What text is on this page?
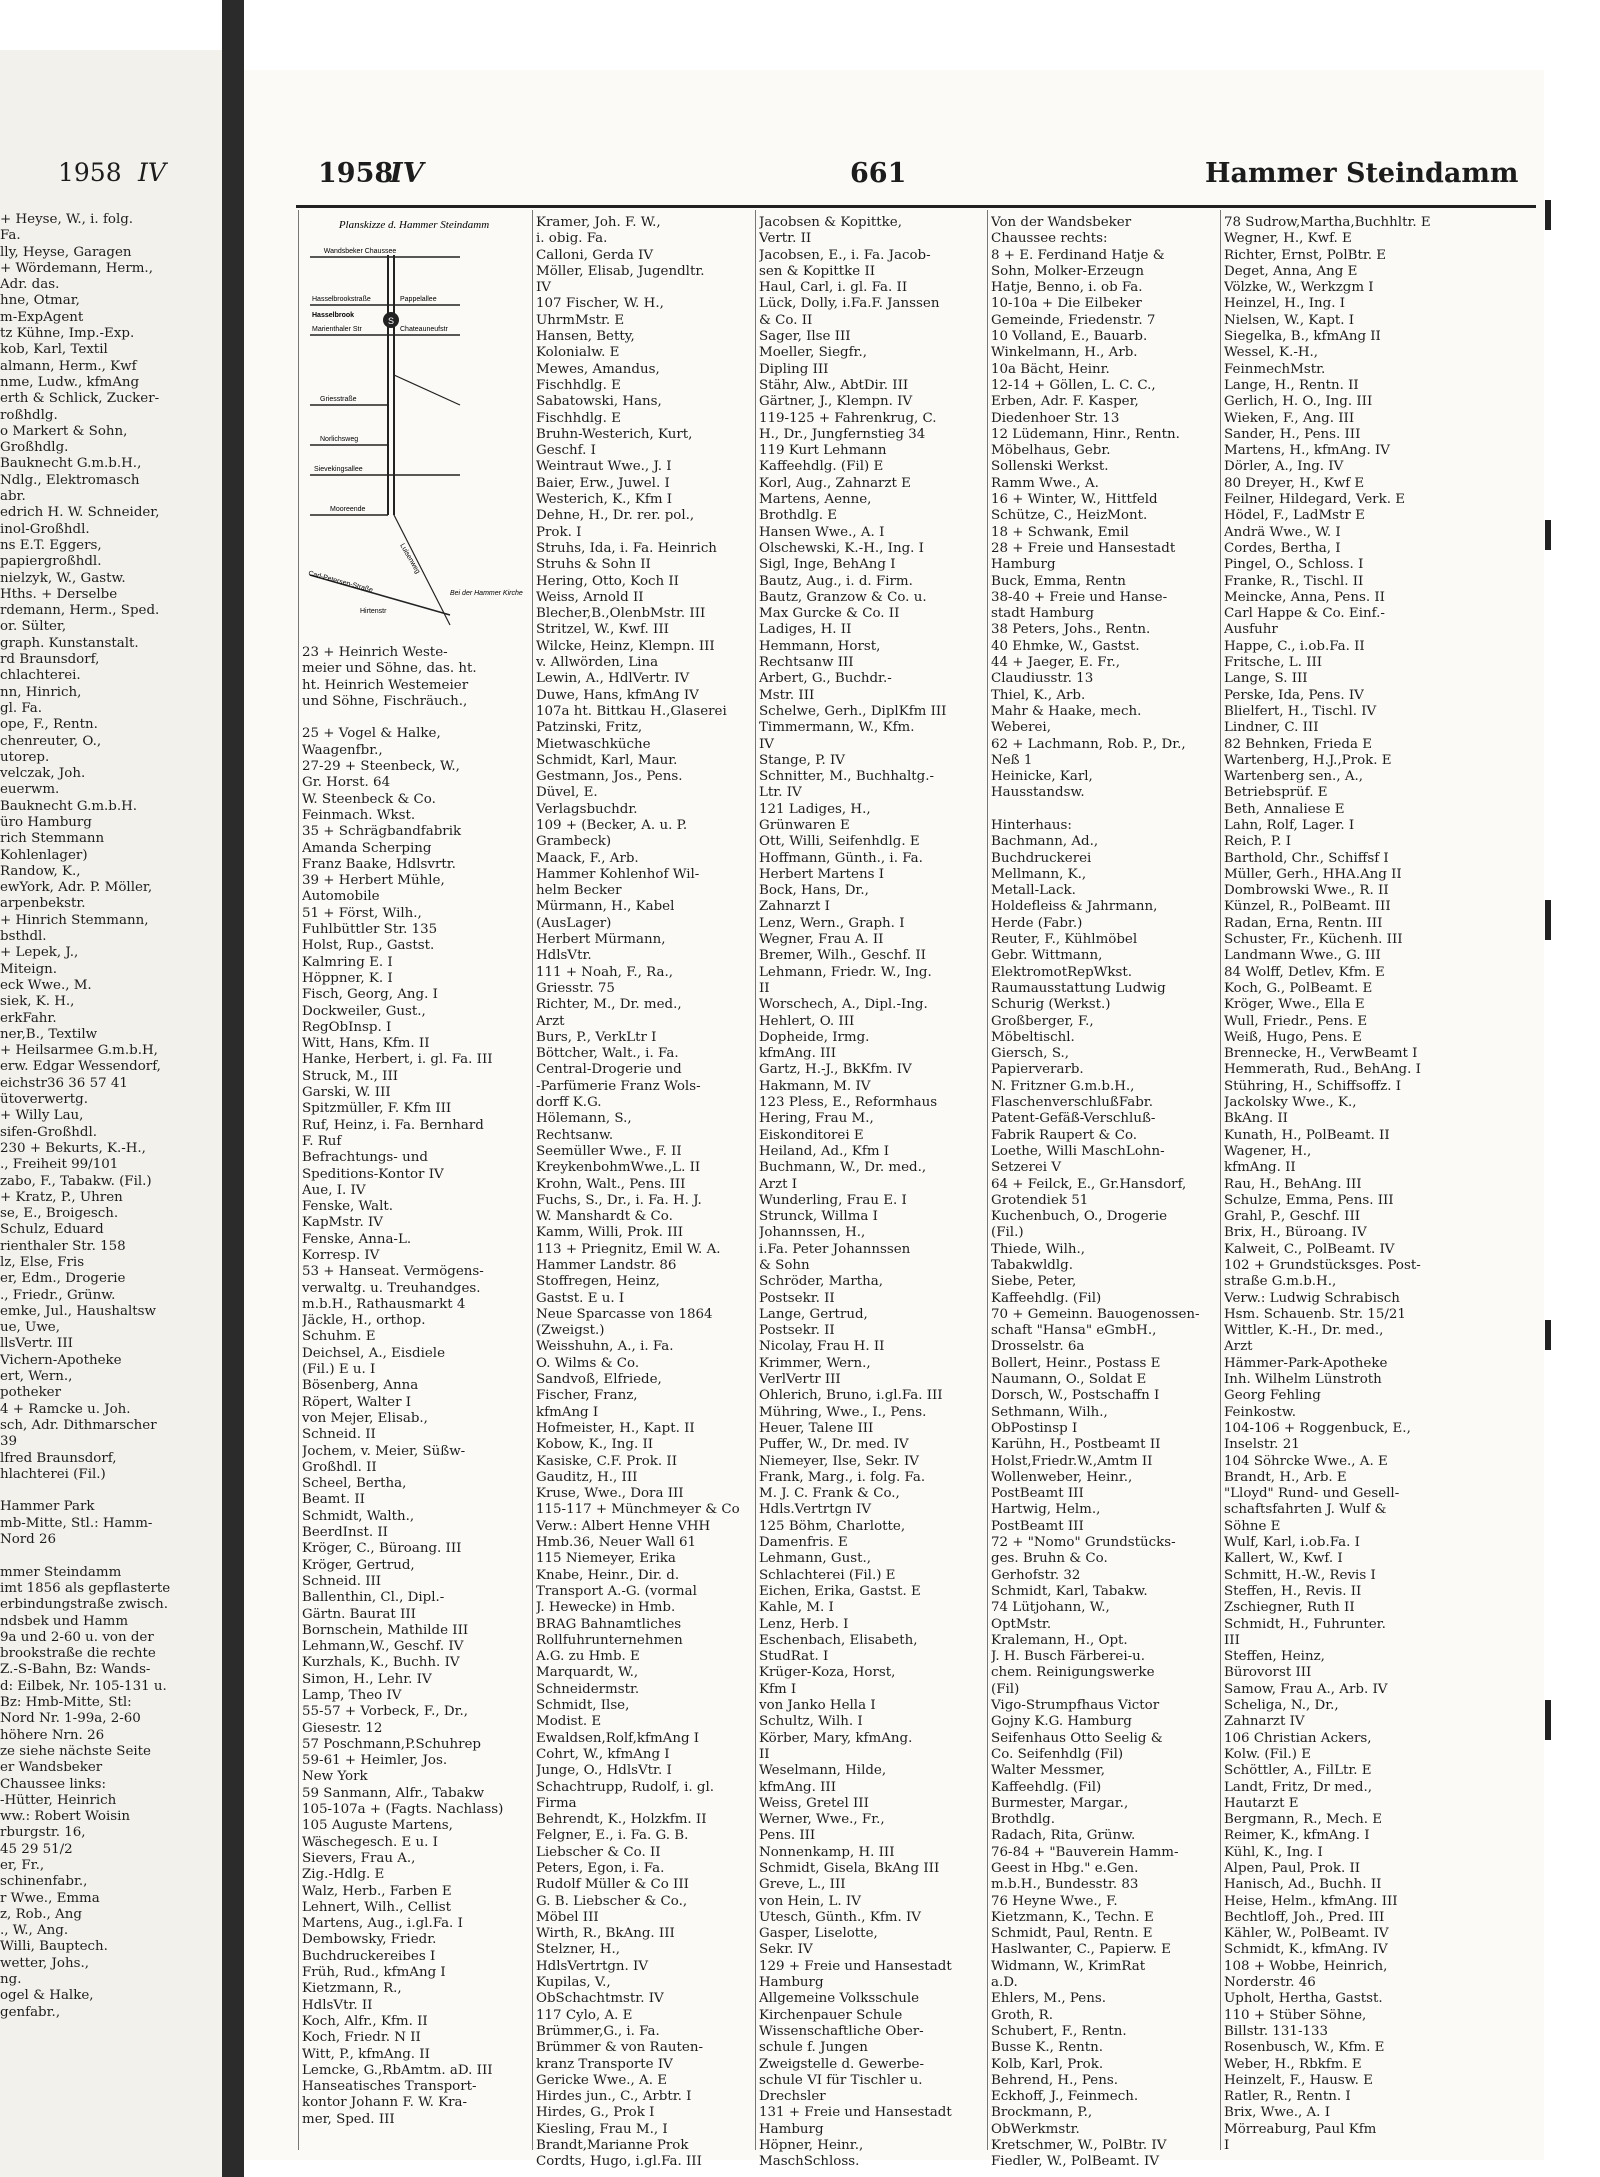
1958 IV	1958
IV	661	Hammer Steindamm
+ Heyse, W., i. folg.
Fa.
lly, Heyse, Garagen
+ Wördemann, Herm.,
Adr. das.
hne, Otmar,
m-ExpAgent
tz Kühne, Imp.-Exp.
kob, Karl, Textil
almann, Herm., Kwf
nme, Ludw., kfmAng
erth & Schlick, Zucker-
roßhdlg.
o Markert & Sohn,
Großhdlg.
Bauknecht G.m.b.H.,
Ndlg., Elektromasch
abr.
edrich H. W. Schneider,
inol-Großhdl.
ns E.T. Eggers,
papiergroßhdl.
nielzyk, W., Gastw.
Hths. + Derselbe
rdemann, Herm., Sped.
or. Sülter,
graph. Kunstanstalt.
rd Braunsdorf,
chlachterei.
nn, Hinrich,
gl. Fa.
ope, F., Rentn.
chenreuter, O.,
utorep.
velczak, Joh.
euerwm.
Bauknecht G.m.b.H.
üro Hamburg
rich Stemmann
Kohlenlager)
Randow, K.,
ewYork, Adr. P. Möller,
arpenbekstr.
+ Hinrich Stemmann,
bsthdl.
+ Lepek, J.,
Miteign.
eck Wwe., M.
siek, K. H.,
erkFahr.
ner,B., Textilw
+ Heilsarmee G.m.b.H,
erw. Edgar Wessendorf,
eichstr36 36 57 41
ütoverwertg.
+ Willy Lau,
sifen-Großhdl.
230 + Bekurts, K.-H.,
., Freiheit 99/101
zabo, F., Tabakw. (Fil.)
+ Kratz, P., Uhren
se, E., Broigesch.
Schulz, Eduard
rienthaler Str. 158
lz, Else, Fris
er, Edm., Drogerie
., Friedr., Grünw.
emke, Jul., Haushaltsw
ue, Uwe,
llsVertr. III
Vichern-Apotheke
ert, Wern.,
potheker
4 + Ramcke u. Joh.
sch, Adr. Dithmarscher
39
lfred Braunsdorf,
hlachterei (Fil.)
Hammer Park
mb-Mitte, Stl.: Hamm-
Nord 26
mmer Steindamm
imt 1856 als gepflasterte
erbindungstraße zwisch.
ndsbek und Hamm
9a und 2-60 u. von der
brookstraße die rechte
Z.-S-Bahn, Bz: Wands-
d: Eilbek, Nr. 105-131 u.
Bz: Hmb-Mitte, Stl:
Nord Nr. 1-99a, 2-60
höhere Nrn. 26
ze siehe nächste Seite
er Wandsbeker
Chaussee links:
-Hütter, Heinrich
ww.: Robert Woisin
rburgstr. 16,
45 29 51/2
er, Fr.,
schinenfabr.,
r Wwe., Emma
z, Rob., Ang
., W., Ang.
Willi, Bauptech.
wetter, Johs.,
ng.
ogel & Halke,
genfabr.,
Planskizze d. Hammer Steindamm
S
Wandsbeker Chaussee
Hasselbrookstraße
Hasselbrook
Marienthaler Str
Pappelallee
Griesstraße
Norlichsweg
Sievekingsallee
Mooreende
Chateauneufstr
Carl-Petersen-Straße
Hirtenstr
Bei der Hammer Kirche
Luisenweg
23 + Heinrich Weste-
meier und Söhne, das. ht.
ht. Heinrich Westemeier
und Söhne, Fischräuch.,
25 + Vogel & Halke,
Waagenfbr.,
27-29 + Steenbeck, W.,
Gr. Horst. 64
W. Steenbeck & Co.
Feinmach. Wkst.
35 + Schrägbandfabrik
Amanda Scherping
Franz Baake, Hdlsvrtr.
39 + Herbert Mühle,
Automobile
51 + Först, Wilh.,
Fuhlbüttler Str. 135
Holst, Rup., Gastst.
Kalmring E. I
Höppner, K. I
Fisch, Georg, Ang. I
Dockweiler, Gust.,
RegObInsp. I
Witt, Hans, Kfm. II
Hanke, Herbert, i. gl. Fa. III
Struck, M., III
Garski, W. III
Spitzmüller, F. Kfm III
Ruf, Heinz, i. Fa. Bernhard
F. Ruf
Befrachtungs- und
Speditions-Kontor IV
Aue, I. IV
Fenske, Walt.
KapMstr. IV
Fenske, Anna-L.
Korresp. IV
53 + Hanseat. Vermögens-
verwaltg. u. Treuhandges.
m.b.H., Rathausmarkt 4
Jäckle, H., orthop.
Schuhm. E
Deichsel, A., Eisdiele
(Fil.) E u. I
Bösenberg, Anna
Röpert, Walter I
von Mejer, Elisab.,
Schneid. II
Jochem, v. Meier, Süßw-
Großhdl. II
Scheel, Bertha,
Beamt. II
Schmidt, Walth.,
BeerdInst. II
Kröger, C., Büroang. III
Kröger, Gertrud,
Schneid. III
Ballenthin, Cl., Dipl.-
Gärtn. Baurat III
Bornschein, Mathilde III
Lehmann,W., Geschf. IV
Kurzhals, K., Buchh. IV
Simon, H., Lehr. IV
Lamp, Theo IV
55-57 + Vorbeck, F., Dr.,
Giesestr. 12
57 Poschmann,P.Schuhrep
59-61 + Heimler, Jos.
New York
59 Sanmann, Alfr., Tabakw
105-107a + (Fagts. Nachlass)
105 Auguste Martens,
Wäschegesch. E u. I
Sievers, Frau A.,
Zig.-Hdlg. E
Walz, Herb., Farben E
Lehnert, Wilh., Cellist
Martens, Aug., i.gl.Fa. I
Dembowsky, Friedr.
Buchdruckereibes I
Früh, Rud., kfmAng I
Kietzmann, R.,
HdlsVtr. II
Koch, Alfr., Kfm. II
Koch, Friedr. N II
Witt, P., kfmAng. II
Lemcke, G.,RbAmtm. aD. III
Hanseatisches Transport-
kontor Johann F. W. Kra-
mer, Sped. III
Kramer, Joh. F. W.,
i. obig. Fa.
Calloni, Gerda IV
Möller, Elisab, Jugendltr.
IV
107 Fischer, W. H.,
UhrmMstr. E
Hansen, Betty,
Kolonialw. E
Mewes, Amandus,
Fischhdlg. E
Sabatowski, Hans,
Fischhdlg. E
Bruhn-Westerich, Kurt,
Geschf. I
Weintraut Wwe., J. I
Baier, Erw., Juwel. I
Westerich, K., Kfm I
Dehne, H., Dr. rer. pol.,
Prok. I
Struhs, Ida, i. Fa. Heinrich
Struhs & Sohn II
Hering, Otto, Koch II
Weiss, Arnold II
Blecher,B.,OlenbMstr. III
Stritzel, W., Kwf. III
Wilcke, Heinz, Klempn. III
v. Allwörden, Lina
Lewin, A., HdlVertr. IV
Duwe, Hans, kfmAng IV
107a ht. Bittkau H.,Glaserei
Patzinski, Fritz,
Mietwaschküche
Schmidt, Karl, Maur.
Gestmann, Jos., Pens.
Düvel, E.
Verlagsbuchdr.
109 + (Becker, A. u. P.
Grambeck)
Maack, F., Arb.
Hammer Kohlenhof Wil-
helm Becker
Mürmann, H., Kabel
(AusLager)
Herbert Mürmann,
HdlsVtr.
111 + Noah, F., Ra.,
Griesstr. 75
Richter, M., Dr. med.,
Arzt
Burs, P., VerkLtr I
Böttcher, Walt., i. Fa.
Central-Drogerie und
-Parfümerie Franz Wols-
dorff K.G.
Hölemann, S.,
Rechtsanw.
Seemüller Wwe., F. II
KreykenbohmWwe.,L. II
Krohn, Walt., Pens. III
Fuchs, S., Dr., i. Fa. H. J.
W. Manshardt & Co.
Kamm, Willi, Prok. III
113 + Priegnitz, Emil W. A.
Hammer Landstr. 86
Stoffregen, Heinz,
Gastst. E u. I
Neue Sparcasse von 1864
(Zweigst.)
Weisshuhn, A., i. Fa.
O. Wilms & Co.
Sandvoß, Elfriede,
Fischer, Franz,
kfmAng I
Hofmeister, H., Kapt. II
Kobow, K., Ing. II
Kasiske, C.F. Prok. II
Gauditz, H., III
Kruse, Wwe., Dora III
115-117 + Münchmeyer & Co
Verw.: Albert Henne VHH
Hmb.36, Neuer Wall 61
115 Niemeyer, Erika
Knabe, Heinr., Dir. d.
Transport A.-G. (vormal
J. Hewecke) in Hmb.
BRAG Bahnamtliches
Rollfuhrunternehmen
A.G. zu Hmb. E
Marquardt, W.,
Schneidermstr.
Schmidt, Ilse,
Modist. E
Ewaldsen,Rolf,kfmAng I
Cohrt, W., kfmAng I
Junge, O., HdlsVtr. I
Schachtrupp, Rudolf, i. gl.
Firma
Behrendt, K., Holzkfm. II
Felgner, E., i. Fa. G. B.
Liebscher & Co. II
Peters, Egon, i. Fa.
Rudolf Müller & Co III
G. B. Liebscher & Co.,
Möbel III
Wirth, R., BkAng. III
Stelzner, H.,
HdlsVertrtgn. IV
Kupilas, V.,
ObSchachtmstr. IV
117 Cylo, A. E
Brümmer,G., i. Fa.
Brümmer & von Rauten-
kranz Transporte IV
Gericke Wwe., A. E
Hirdes jun., C., Arbtr. I
Hirdes, G., Prok I
Kiesling, Frau M., I
Brandt,Marianne Prok
Cordts, Hugo, i.gl.Fa. III
Jacobsen & Kopittke,
Vertr. II
Jacobsen, E., i. Fa. Jacob-
sen & Kopittke II
Haul, Carl, i. gl. Fa. II
Lück, Dolly, i.Fa.F. Janssen
& Co. II
Sager, Ilse III
Moeller, Siegfr.,
Dipling III
Stähr, Alw., AbtDir. III
Gärtner, J., Klempn. IV
119-125 + Fahrenkrug, C.
H., Dr., Jungfernstieg 34
119 Kurt Lehmann
Kaffeehdlg. (Fil) E
Korl, Aug., Zahnarzt E
Martens, Aenne,
Brothdlg. E
Hansen Wwe., A. I
Olschewski, K.-H., Ing. I
Sigl, Inge, BehAng I
Bautz, Aug., i. d. Firm.
Bautz, Granzow & Co. u.
Max Gurcke & Co. II
Ladiges, H. II
Hemmann, Horst,
Rechtsanw III
Arbert, G., Buchdr.-
Mstr. III
Schelwe, Gerh., DiplKfm III
Timmermann, W., Kfm.
IV
Stange, P. IV
Schnitter, M., Buchhaltg.-
Ltr. IV
121 Ladiges, H.,
Grünwaren E
Ott, Willi, Seifenhdlg. E
Hoffmann, Günth., i. Fa.
Herbert Martens I
Bock, Hans, Dr.,
Zahnarzt I
Lenz, Wern., Graph. I
Wegner, Frau A. II
Bremer, Wilh., Geschf. II
Lehmann, Friedr. W., Ing.
II
Worschech, A., Dipl.-Ing.
Hehlert, O. III
Dopheide, Irmg.
kfmAng. III
Gartz, H.-J., BkKfm. IV
Hakmann, M. IV
123 Pless, E., Reformhaus
Hering, Frau M.,
Eiskonditorei E
Heiland, Ad., Kfm I
Buchmann, W., Dr. med.,
Arzt I
Wunderling, Frau E. I
Strunck, Willma I
Johannssen, H.,
i.Fa. Peter Johannssen
& Sohn
Schröder, Martha,
Postsekr. II
Lange, Gertrud,
Postsekr. II
Nicolay, Frau H. II
Krimmer, Wern.,
VerlVertr III
Ohlerich, Bruno, i.gl.Fa. III
Mühring, Wwe., I., Pens.
Heuer, Talene III
Puffer, W., Dr. med. IV
Niemeyer, Ilse, Sekr. IV
Frank, Marg., i. folg. Fa.
M. J. C. Frank & Co.,
Hdls.Vertrtgn IV
125 Böhm, Charlotte,
Damenfris. E
Lehmann, Gust.,
Schlachterei (Fil.) E
Eichen, Erika, Gastst. E
Kahle, M. I
Lenz, Herb. I
Eschenbach, Elisabeth,
StudRat. I
Krüger-Koza, Horst,
Kfm I
von Janko Hella I
Schultz, Wilh. I
Körber, Mary, kfmAng.
II
Weselmann, Hilde,
kfmAng. III
Weiss, Gretel III
Werner, Wwe., Fr.,
Pens. III
Nonnenkamp, H. III
Schmidt, Gisela, BkAng III
Greve, L., III
von Hein, L. IV
Utesch, Günth., Kfm. IV
Gasper, Liselotte,
Sekr. IV
129 + Freie und Hansestadt
Hamburg
Allgemeine Volksschule
Kirchenpauer Schule
Wissenschaftliche Ober-
schule f. Jungen
Zweigstelle d. Gewerbe-
schule VI für Tischler u.
Drechsler
131 + Freie und Hansestadt
Hamburg
Höpner, Heinr.,
MaschSchloss.
Von der Wandsbeker
Chaussee rechts:
8 + E. Ferdinand Hatje &
Sohn, Molker-Erzeugn
Hatje, Benno, i. ob Fa.
10-10a + Die Eilbeker
Gemeinde, Friedenstr. 7
10 Volland, E., Bauarb.
Winkelmann, H., Arb.
10a Bächt, Heinr.
12-14 + Göllen, L. C. C.,
Erben, Adr. F. Kasper,
Diedenhoer Str. 13
12 Lüdemann, Hinr., Rentn.
Möbelhaus, Gebr.
Sollenski Werkst.
Ramm Wwe., A.
16 + Winter, W., Hittfeld
Schütze, C., HeizMont.
18 + Schwank, Emil
28 + Freie und Hansestadt
Hamburg
Buck, Emma, Rentn
38-40 + Freie und Hanse-
stadt Hamburg
38 Peters, Johs., Rentn.
40 Ehmke, W., Gastst.
44 + Jaeger, E. Fr.,
Claudiusstr. 13
Thiel, K., Arb.
Mahr & Haake, mech.
Weberei,
62 + Lachmann, Rob. P., Dr.,
Neß 1
Heinicke, Karl,
Hausstandsw.
Hinterhaus:
Bachmann, Ad.,
Buchdruckerei
Mellmann, K.,
Metall-Lack.
Holdefleiss & Jahrmann,
Herde (Fabr.)
Reuter, F., Kühlmöbel
Gebr. Wittmann,
ElektromotRepWkst.
Raumausstattung Ludwig
Schurig (Werkst.)
Großberger, F.,
Möbeltischl.
Giersch, S.,
Papierverarb.
N. Fritzner G.m.b.H.,
FlaschenverschlußFabr.
Patent-Gefäß-Verschluß-
Fabrik Raupert & Co.
Loethe, Willi MaschLohn-
Setzerei V
64 + Feilck, E., Gr.Hansdorf,
Grotendiek 51
Kuchenbuch, O., Drogerie
(Fil.)
Thiede, Wilh.,
Tabakwldlg.
Siebe, Peter,
Kaffeehdlg. (Fil)
70 + Gemeinn. Bauogenossen-
schaft "Hansa" eGmbH.,
Drosselstr. 6a
Bollert, Heinr., Postass E
Naumann, O., Soldat E
Dorsch, W., Postschaffn I
Sethmann, Wilh.,
ObPostinsp I
Karühn, H., Postbeamt II
Holst,Friedr.W.,Amtm II
Wollenweber, Heinr.,
PostBeamt III
Hartwig, Helm.,
PostBeamt III
72 + "Nomo" Grundstücks-
ges. Bruhn & Co.
Gerhofstr. 32
Schmidt, Karl, Tabakw.
74 Lütjohann, W.,
OptMstr.
Kralemann, H., Opt.
J. H. Busch Färberei-u.
chem. Reinigungswerke
(Fil)
Vigo-Strumpfhaus Victor
Gojny K.G. Hamburg
Seifenhaus Otto Seelig &
Co. Seifenhdlg (Fil)
Walter Messmer,
Kaffeehdlg. (Fil)
Burmester, Margar.,
Brothdlg.
Radach, Rita, Grünw.
76-84 + "Bauverein Hamm-
Geest in Hbg." e.Gen.
m.b.H., Bundesstr. 83
76 Heyne Wwe., F.
Kietzmann, K., Techn. E
Schmidt, Paul, Rentn. E
Haslwanter, C., Papierw. E
Widmann, W., KrimRat
a.D.
Ehlers, M., Pens.
Groth, R.
Schubert, F., Rentn.
Busse K., Rentn.
Kolb, Karl, Prok.
Behrend, H., Pens.
Eckhoff, J., Feinmech.
Brockmann, P.,
ObWerkmstr.
Kretschmer, W., PolBtr. IV
Fiedler, W., PolBeamt. IV
78 Sudrow,Martha,Buchhltr. E
Wegner, H., Kwf. E
Richter, Ernst, PolBtr. E
Deget, Anna, Ang E
Völzke, W., Werkzgm I
Heinzel, H., Ing. I
Nielsen, W., Kapt. I
Siegelka, B., kfmAng II
Wessel, K.-H.,
FeinmechMstr.
Lange, H., Rentn. II
Gerlich, H. O., Ing. III
Wieken, F., Ang. III
Sander, H., Pens. III
Martens, H., kfmAng. IV
Dörler, A., Ing. IV
80 Dreyer, H., Kwf E
Feilner, Hildegard, Verk. E
Hödel, F., LadMstr E
Andrä Wwe., W. I
Cordes, Bertha, I
Pingel, O., Schloss. I
Franke, R., Tischl. II
Meincke, Anna, Pens. II
Carl Happe & Co. Einf.-
Ausfuhr
Happe, C., i.ob.Fa. II
Fritsche, L. III
Lange, S. III
Perske, Ida, Pens. IV
Blielfert, H., Tischl. IV
Lindner, C. III
82 Behnken, Frieda E
Wartenberg, H.J.,Prok. E
Wartenberg sen., A.,
Betriebsprüf. E
Beth, Annaliese E
Lahn, Rolf, Lager. I
Reich, P. I
Barthold, Chr., Schiffsf I
Müller, Gerh., HHA.Ang II
Dombrowski Wwe., R. II
Künzel, R., PolBeamt. III
Radan, Erna, Rentn. III
Schuster, Fr., Küchenh. III
Landmann Wwe., G. III
84 Wolff, Detlev, Kfm. E
Koch, G., PolBeamt. E
Kröger, Wwe., Ella E
Wull, Friedr., Pens. E
Weiß, Hugo, Pens. E
Brennecke, H., VerwBeamt I
Hemmerath, Rud., BehAng. I
Stühring, H., Schiffsoffz. I
Jackolsky Wwe., K.,
BkAng. II
Kunath, H., PolBeamt. II
Wagener, H.,
kfmAng. II
Rau, H., BehAng. III
Schulze, Emma, Pens. III
Grahl, P., Geschf. III
Brix, H., Büroang. IV
Kalweit, C., PolBeamt. IV
102 + Grundstücksges. Post-
straße G.m.b.H.,
Verw.: Ludwig Schrabisch
Hsm. Schauenb. Str. 15/21
Wittler, K.-H., Dr. med.,
Arzt
Hämmer-Park-Apotheke
Inh. Wilhelm Lünstroth
Georg Fehling
Feinkostw.
104-106 + Roggenbuck, E.,
Inselstr. 21
104 Söhrcke Wwe., A. E
Brandt, H., Arb. E
"Lloyd" Rund- und Gesell-
schaftsfahrten J. Wulf &
Söhne E
Wulf, Karl, i.ob.Fa. I
Kallert, W., Kwf. I
Schmitt, H.-W., Revis I
Steffen, H., Revis. II
Zschiegner, Ruth II
Schmidt, H., Fuhrunter.
III
Steffen, Heinz,
Bürovorst III
Samow, Frau A., Arb. IV
Scheliga, N., Dr.,
Zahnarzt IV
106 Christian Ackers,
Kolw. (Fil.) E
Schöttler, A., FilLtr. E
Landt, Fritz, Dr med.,
Hautarzt E
Bergmann, R., Mech. E
Reimer, K., kfmAng. I
Kühl, K., Ing. I
Alpen, Paul, Prok. II
Hanisch, Ad., Buchh. II
Heise, Helm., kfmAng. III
Bechtloff, Joh., Pred. III
Kähler, W., PolBeamt. IV
Schmidt, K., kfmAng. IV
108 + Wobbe, Heinrich,
Norderstr. 46
Upholt, Hertha, Gastst.
110 + Stüber Söhne,
Billstr. 131-133
Rosenbusch, W., Kfm. E
Weber, H., Rbkfm. E
Heinzelt, F., Hausw. E
Ratler, R., Rentn. I
Brix, Wwe., A. I
Mörreaburg, Paul Kfm
I
